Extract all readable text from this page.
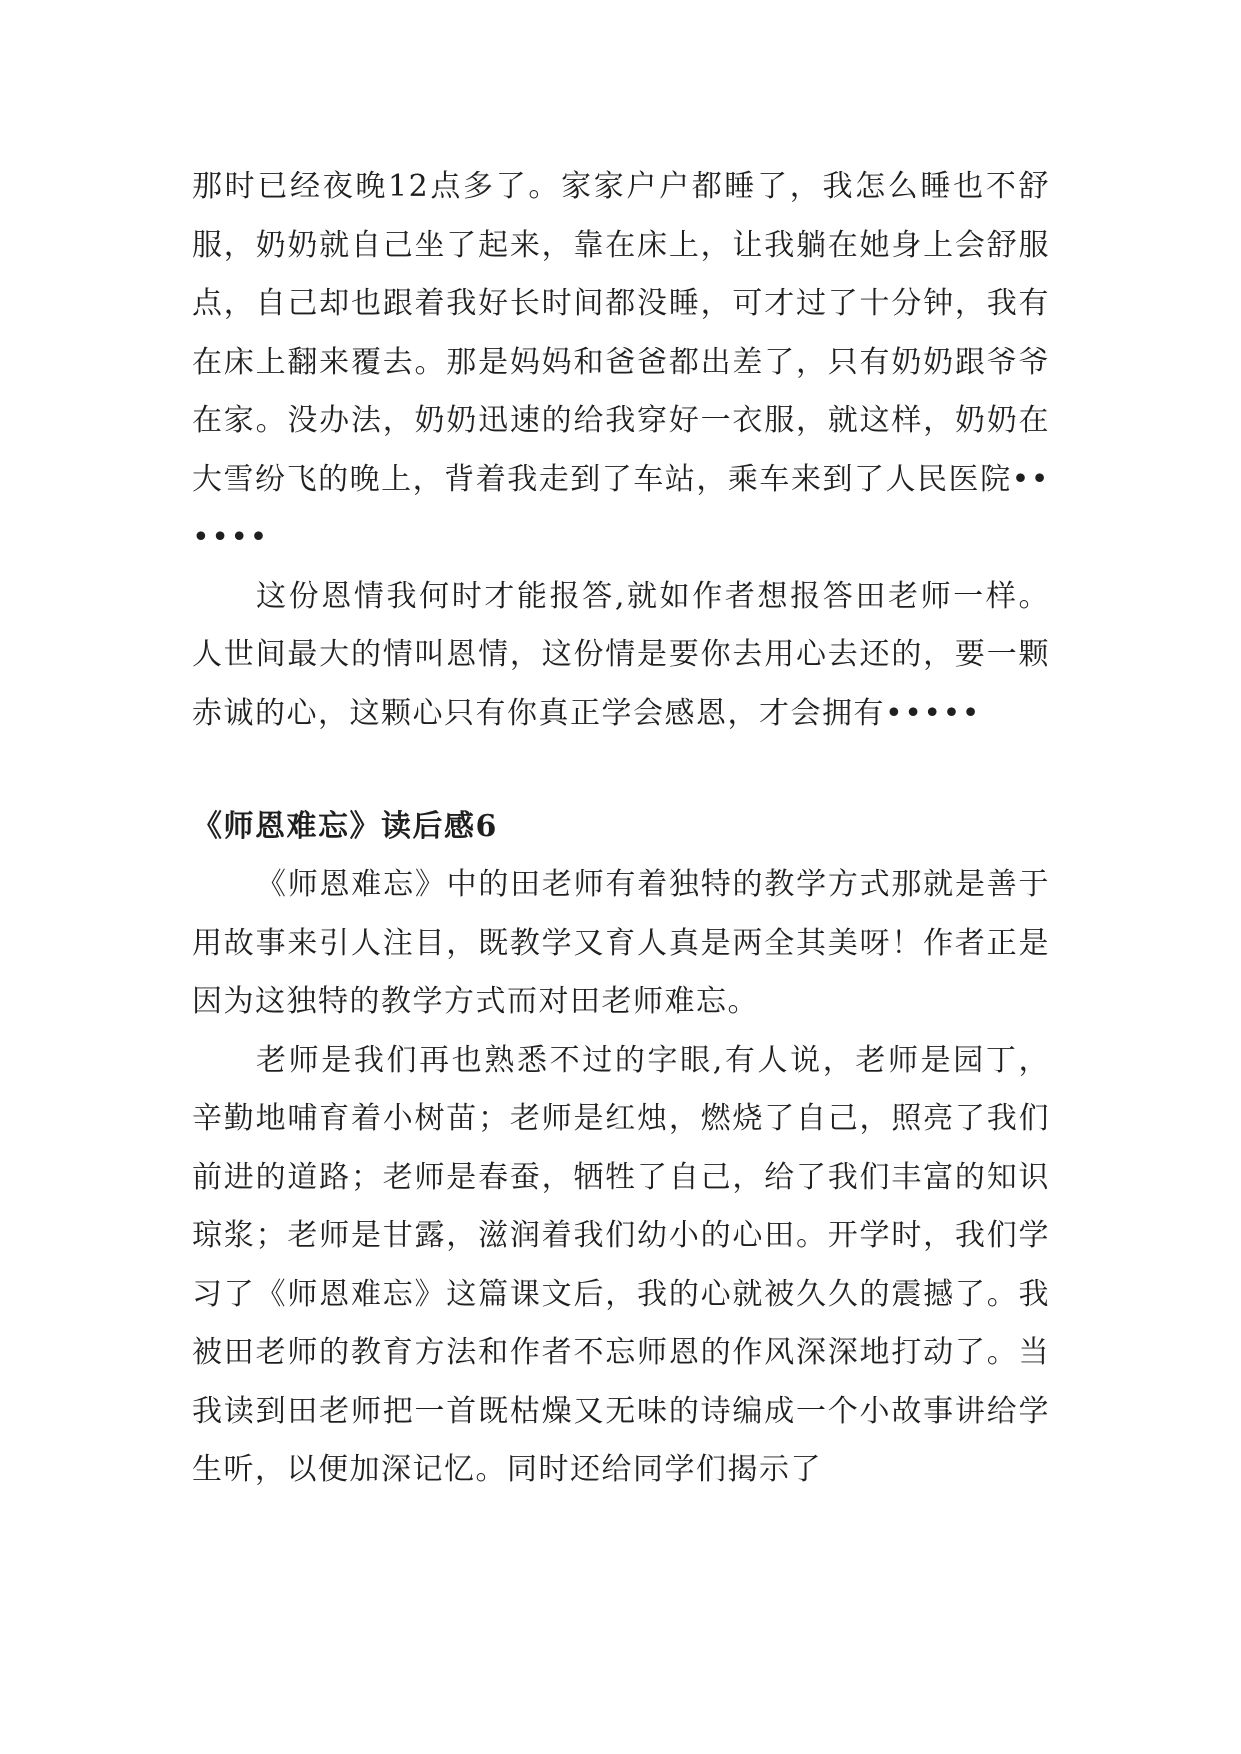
那时已经夜晚12点多了。家家户户都睡了，我怎么睡也不舒服，奶奶就自己坐了起来，靠在床上，让我躺在她身上会舒服点，自己却也跟着我好长时间都没睡，可才过了十分钟，我有在床上翻来覆去。那是妈妈和爸爸都出差了，只有奶奶跟爷爷在家。没办法，奶奶迅速的给我穿好一衣服，就这样，奶奶在大雪纷飞的晚上，背着我走到了车站，乘车来到了人民医院••••••

这份恩情我何时才能报答,就如作者想报答田老师一样。人世间最大的情叫恩情，这份情是要你去用心去还的，要一颗赤诚的心，这颗心只有你真正学会感恩，才会拥有•••••

《师恩难忘》读后感6

《师恩难忘》中的田老师有着独特的教学方式那就是善于用故事来引人注目，既教学又育人真是两全其美呀！作者正是因为这独特的教学方式而对田老师难忘。

老师是我们再也熟悉不过的字眼,有人说，老师是园丁，辛勤地哺育着小树苗；老师是红烛，燃烧了自己，照亮了我们前进的道路；老师是春蚕，牺牲了自己，给了我们丰富的知识琼浆；老师是甘露，滋润着我们幼小的心田。开学时，我们学习了《师恩难忘》这篇课文后，我的心就被久久的震撼了。我被田老师的教育方法和作者不忘师恩的作风深深地打动了。当我读到田老师把一首既枯燥又无味的诗编成一个小故事讲给学生听，以便加深记忆。同时还给同学们揭示了
